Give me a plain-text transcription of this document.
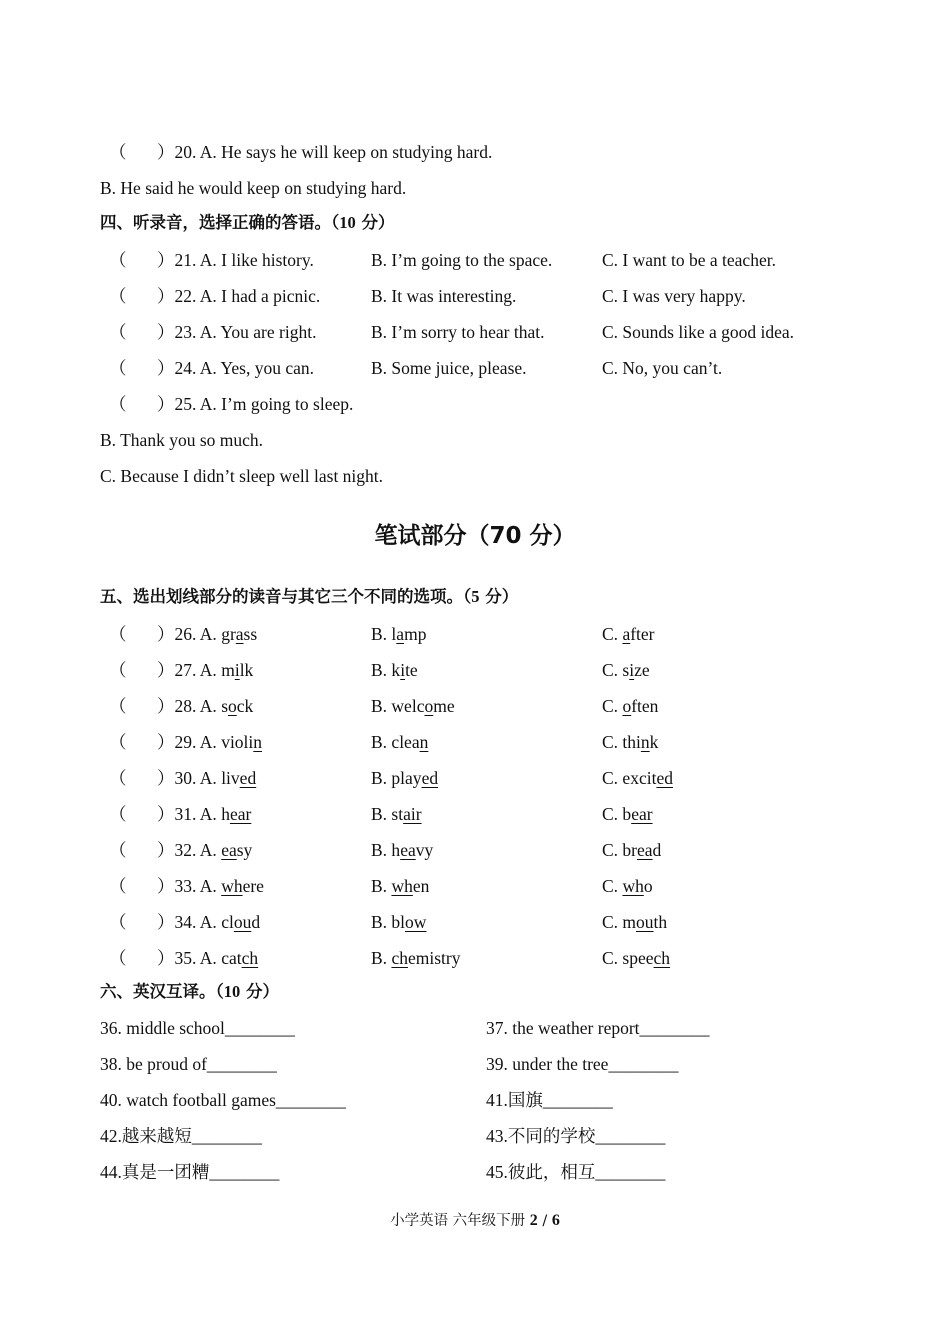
（ ）20. A. He says he will keep on studying hard.
B. He said he would keep on studying hard.
四、听录音，选择正确的答语。（10 分）
（ ）21. A. I like history.	B. I’m going to the space.	C. I want to be a teacher.
（ ）22. A. I had a picnic.	B. It was interesting.	C. I was very happy.
（ ）23. A. You are right.	B. I’m sorry to hear that.	C. Sounds like a good idea.
（ ）24. A. Yes, you can.	B. Some juice, please.	C. No, you can’t.
（ ）25. A. I’m going to sleep.
B. Thank you so much.
C. Because I didn’t sleep well last night.
笔试部分（70 分）
五、选出划线部分的读音与其它三个不同的选项。（5 分）
（ ）26. A. grass	B. lamp	C. after
（ ）27. A. milk	B. kite	C. size
（ ）28. A. sock	B. welcome	C. often
（ ）29. A. violin	B. clean	C. think
（ ）30. A. lived	B. played	C. excited
（ ）31. A. hear	B. stair	C. bear
（ ）32. A. easy	B. heavy	C. bread
（ ）33. A. where	B. when	C. who
（ ）34. A. cloud	B. blow	C. mouth
（ ）35. A. catch	B. chemistry	C. speech
六、英汉互译。（10 分）
36. middle school________	37. the weather report________
38. be proud of________	39. under the tree________
40. watch football games________	41.国旗________
42.越来越短________	43.不同的学校________
44.真是一团糟________	45.彼此，相互________
小学英语 六年级下册 2 / 6
